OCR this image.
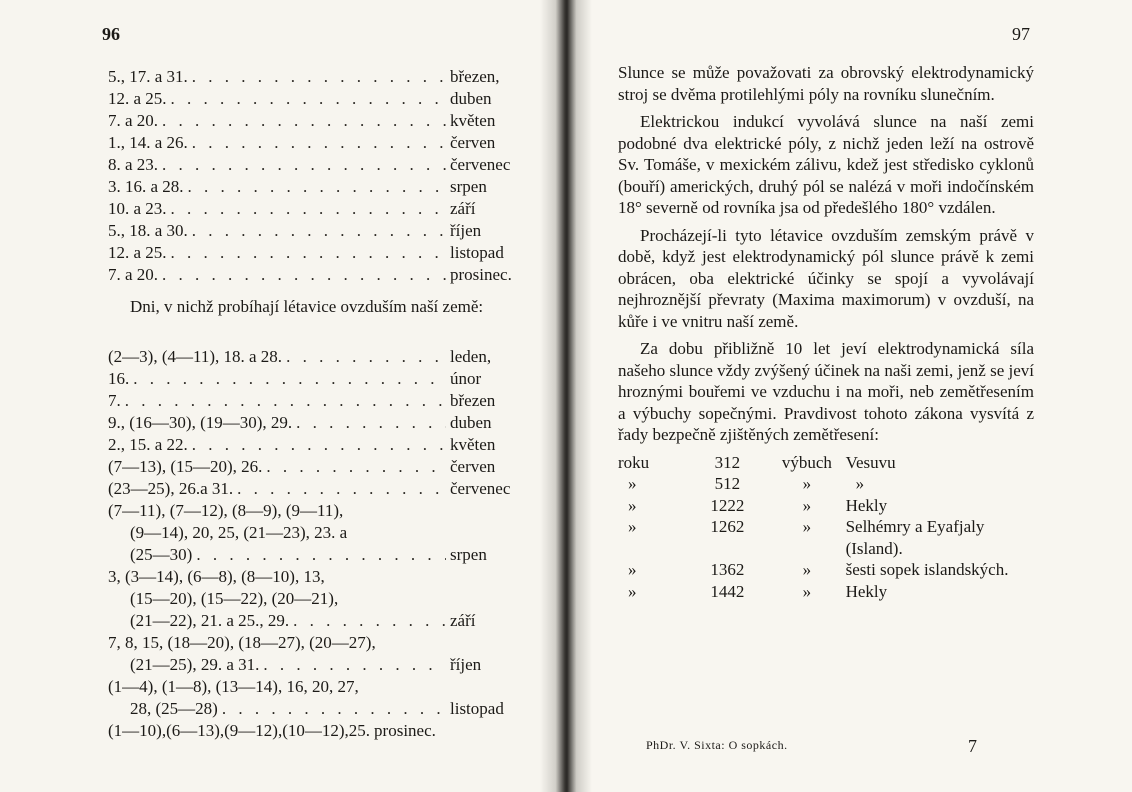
96
5., 17. a 31. . . .	březen,
12. a 25. . . .	duben
7. a 20. . . .	květen
1., 14. a 26. . . .	červen
8. a 23. . . .	červenec
3. 16. a 28. . . .	srpen
10. a 23. . . .	září
5., 18. a 30. . . .	říjen
12. a 25. . . .	listopad
7. a 20. . . .	prosinec.
Dni, v nichž probíhají létavice ovzduším naší země:
(2—3), (4—11), 18. a 28. . . .	leden,
16. . . .	únor
7. . . .	březen
9., (16—30), (19—30), 29. . . .	duben
2., 15. a 22. . . .	květen
(7—13), (15—20), 26. . . .	červen
(23—25), 26.a 31. . . .	červenec
(7—11), (7—12), (8—9), (9—11),
(9—14), 20, 25, (21—23), 23. a
(25—30) . . .	srpen
3, (3—14), (6—8), (8—10), 13,
(15—20), (15—22), (20—21),
(21—22), 21. a 25., 29. . . .	září
7, 8, 15, (18—20), (18—27), (20—27),
(21—25), 29. a 31. . . .	říjen
(1—4), (1—8), (13—14), 16, 20, 27,
28, (25—28) . . .	listopad
(1—10),(6—13),(9—12),(10—12),25. prosinec.
97

Slunce se může považovati za obrovský elektrodynamický stroj se dvěma protilehlými póly na rovníku slunečním.

Elektrickou indukcí vyvolává slunce na naší zemi podobné dva elektrické póly, z nichž jeden leží na ostrově Sv. Tomáše, v mexickém zálivu, kdež jest středisko cyklonů (bouří) amerických, druhý pól se nalézá v moři indočínském 18° severně od rovníka jsa od předešlého 180° vzdálen.

Procházejí-li tyto létavice ovzduším zemským právě v době, když jest elektrodynamický pól slunce právě k zemi obrácen, oba elektrické účinky se spojí a vyvolávají nejhroznější převraty (Maxima maximorum) v ovzduší, na kůře i ve vnitru naší země.

Za dobu přibližně 10 let jeví elektrodynamická síla našeho slunce vždy zvýšený účinek na naši zemi, jenž se jeví hroznými bouřemi ve vzduchu i na moři, neb zemětřesením a výbuchy sopečnými. Pravdivost tohoto zákona vysvítá z řady bezpečně zjištěných zemětřesení:

roku	312	výbuch	Vesuvu
»	512	»	»
»	1222	»	Hekly
»	1262	»	Selhémry a Eyafjaly (Island).
»	1362	»	šesti sopek islandských.
»	1442	»	Hekly
PhDr. V. Sixta: O sopkách.	7
